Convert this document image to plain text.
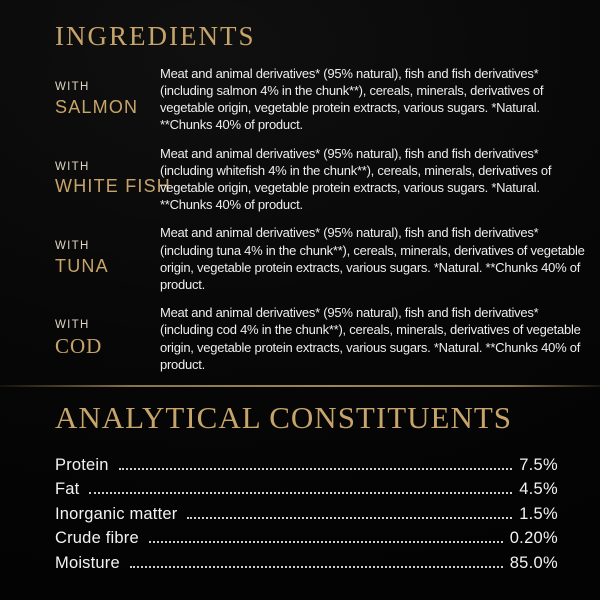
INGREDIENTS
WITH
SALMON
Meat and animal derivatives* (95% natural), fish and fish derivatives* (including salmon 4% in the chunk**), cereals, minerals, derivatives of vegetable origin, vegetable protein extracts, various sugars. *Natural. **Chunks 40% of product.
WITH
WHITE FISH
Meat and animal derivatives* (95% natural), fish and fish derivatives* (including whitefish 4% in the chunk**), cereals, minerals, derivatives of vegetable origin, vegetable protein extracts, various sugars. *Natural. **Chunks 40% of product.
WITH
TUNA
Meat and animal derivatives* (95% natural), fish and fish derivatives* (including tuna 4% in the chunk**), cereals, minerals, derivatives of vegetable origin, vegetable protein extracts, various sugars. *Natural. **Chunks 40% of product.
WITH
COD
Meat and animal derivatives* (95% natural), fish and fish derivatives* (including cod 4% in the chunk**), cereals, minerals, derivatives of vegetable origin, vegetable protein extracts, various sugars. *Natural. **Chunks 40% of product.
ANALYTICAL CONSTITUENTS
Protein	7.5%
Fat	4.5%
Inorganic matter	1.5%
Crude fibre	0.20%
Moisture	85.0%
